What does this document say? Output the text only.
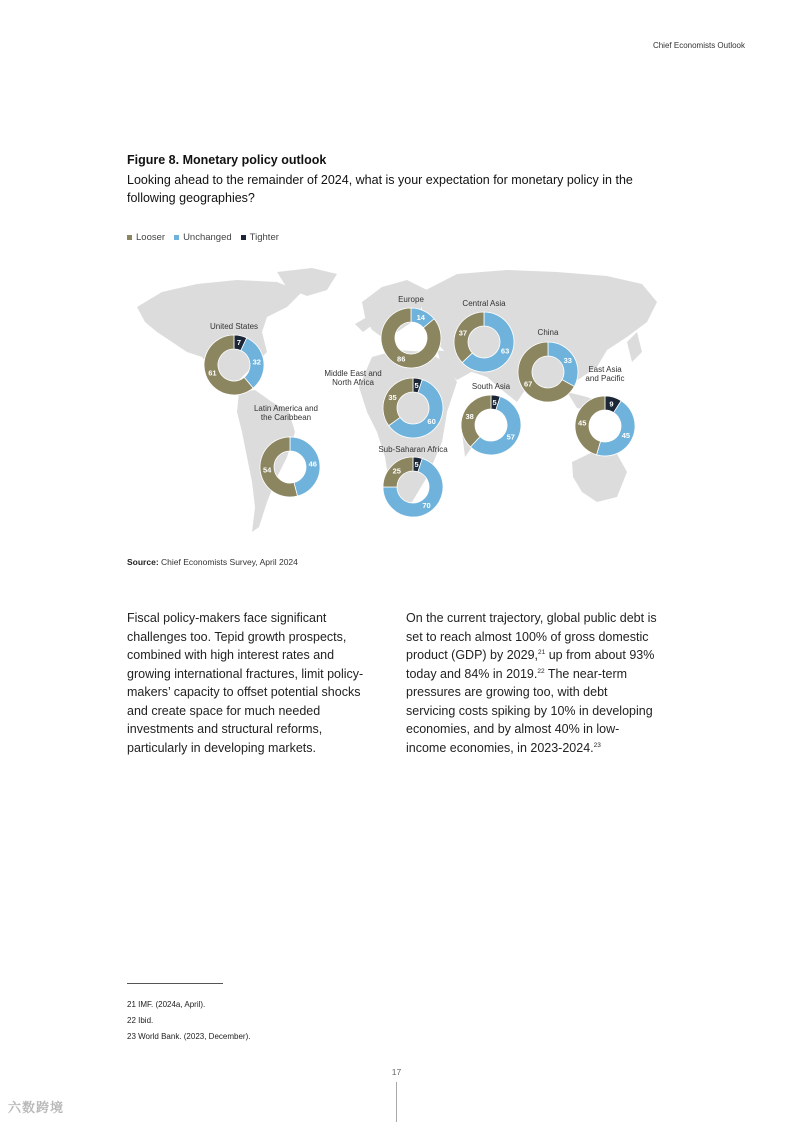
Chief Economists Outlook
Figure 8. Monetary policy outlook
Looking ahead to the remainder of 2024, what is your expectation for monetary policy in the following geographies?
Looser Unchanged Tighter
7
32
61
14
86
63
37
33
67
5
60
35
5
57
38
9
45
45
46
54
5
70
25
United States
Europe	Central Asia
China
Middle East and
North Africa	South Asia
East Asia
and Pacific
Latin America and
the Caribbean
Sub-Saharan Africa
Source: Chief Economists Survey, April 2024
Fiscal policy-makers face significant challenges too. Tepid growth prospects, combined with high interest rates and growing international fractures, limit policy-makers’ capacity to offset potential shocks and create space for much needed investments and structural reforms, particularly in developing markets.
On the current trajectory, global public debt is set to reach almost 100% of gross domestic product (GDP) by 2029,21 up from about 93% today and 84% in 2019.22 The near-term pressures are growing too, with debt servicing costs spiking by 10% in developing economies, and by almost 40% in low-income economies, in 2023-2024.23
21 IMF. (2024a, April).
22 Ibid.
23 World Bank. (2023, December).
17
六数跨境
